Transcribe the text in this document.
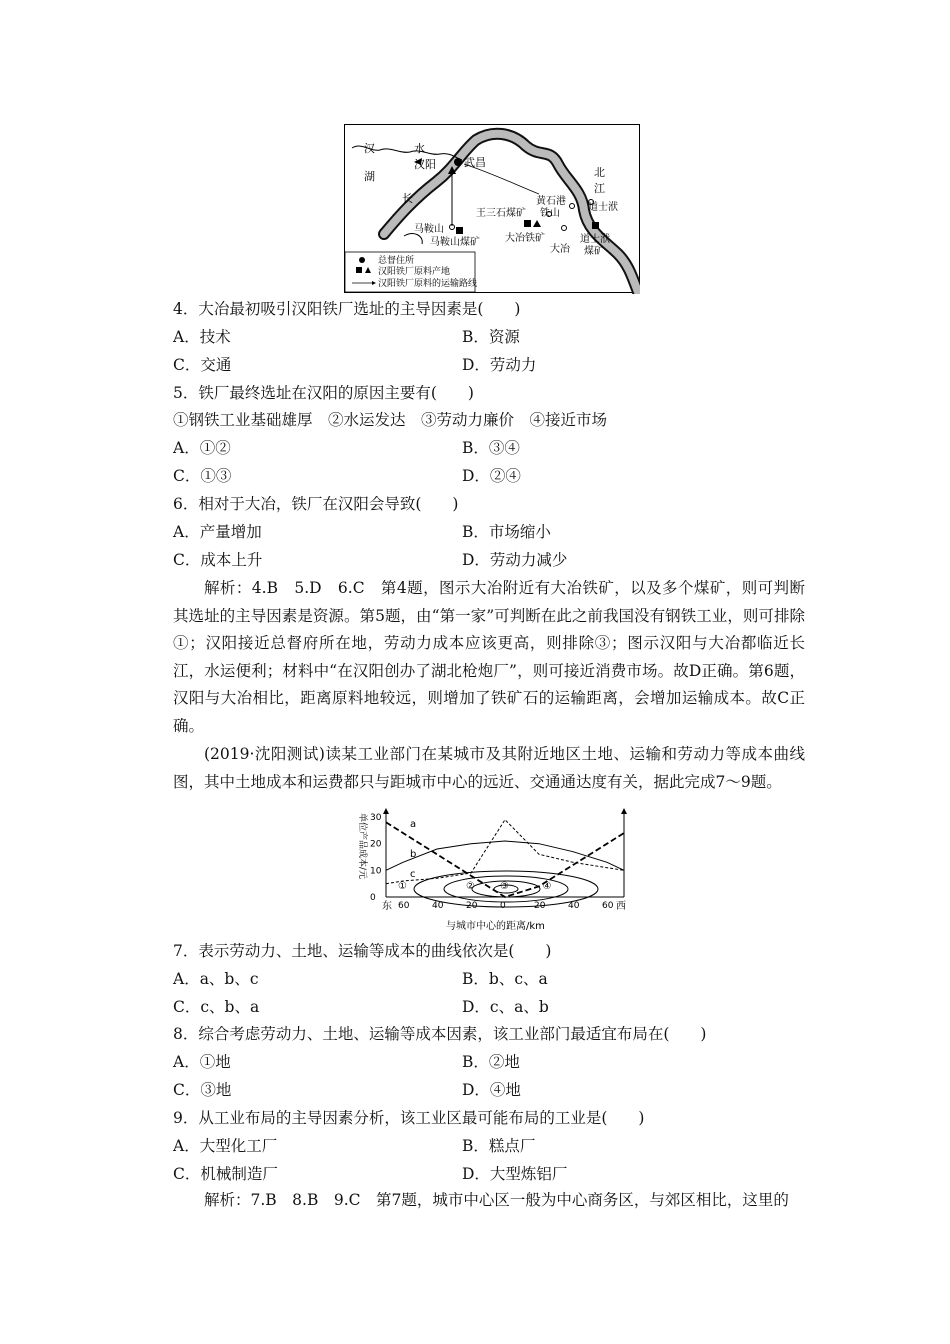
汉	水
湖
汉阳	武昌
长
北
江
黄石港
铁山
王三石煤矿
道士洑
马鞍山
马鞍山煤矿	大冶铁矿
大冶
道士洑
煤矿
总督住所
汉阳铁厂原料产地
汉阳铁厂原料的运输路线
4．大冶最初吸引汉阳铁厂选址的主导因素是(　　)
A．技术	B．资源
C．交通	D．劳动力
5．铁厂最终选址在汉阳的原因主要有(　　)
①钢铁工业基础雄厚　②水运发达　③劳动力廉价　④接近市场
A．①②	B．③④
C．①③	D．②④
6．相对于大冶，铁厂在汉阳会导致(　　)
A．产量增加	B．市场缩小
C．成本上升	D．劳动力减少
解析：4.B　5.D　6.C　第4题，图示大冶附近有大冶铁矿，以及多个煤矿，则可判断其选址的主导因素是资源。第5题，由“第一家”可判断在此之前我国没有钢铁工业，则可排除①；汉阳接近总督府所在地，劳动力成本应该更高，则排除③；图示汉阳与大冶都临近长江，水运便利；材料中“在汉阳创办了湖北枪炮厂”，则可接近消费市场。故D正确。第6题，汉阳与大冶相比，距离原料地较远，则增加了铁矿石的运输距离，会增加运输成本。故C正确。
(2019·沈阳测试)读某工业部门在某城市及其附近地区土地、运输和劳动力等成本曲线图，其中土地成本和运费都只与距城市中心的远近、交通通达度有关，据此完成7～9题。
30
20
10
0
60	40	20	0	20	40	60
①	②	③	④
a
b
c
东	西
与城市中心的距离/km
单位产品成本/元
7．表示劳动力、土地、运输等成本的曲线依次是(　　)
A．a、b、c	B．b、c、a
C．c、b、a	D．c、a、b
8．综合考虑劳动力、土地、运输等成本因素，该工业部门最适宜布局在(　　)
A．①地	B．②地
C．③地	D．④地
9．从工业布局的主导因素分析，该工业区最可能布局的工业是(　　)
A．大型化工厂	B．糕点厂
C．机械制造厂	D．大型炼铝厂
解析：7.B　8.B　9.C　第7题，城市中心区一般为中心商务区，与郊区相比，这里的
